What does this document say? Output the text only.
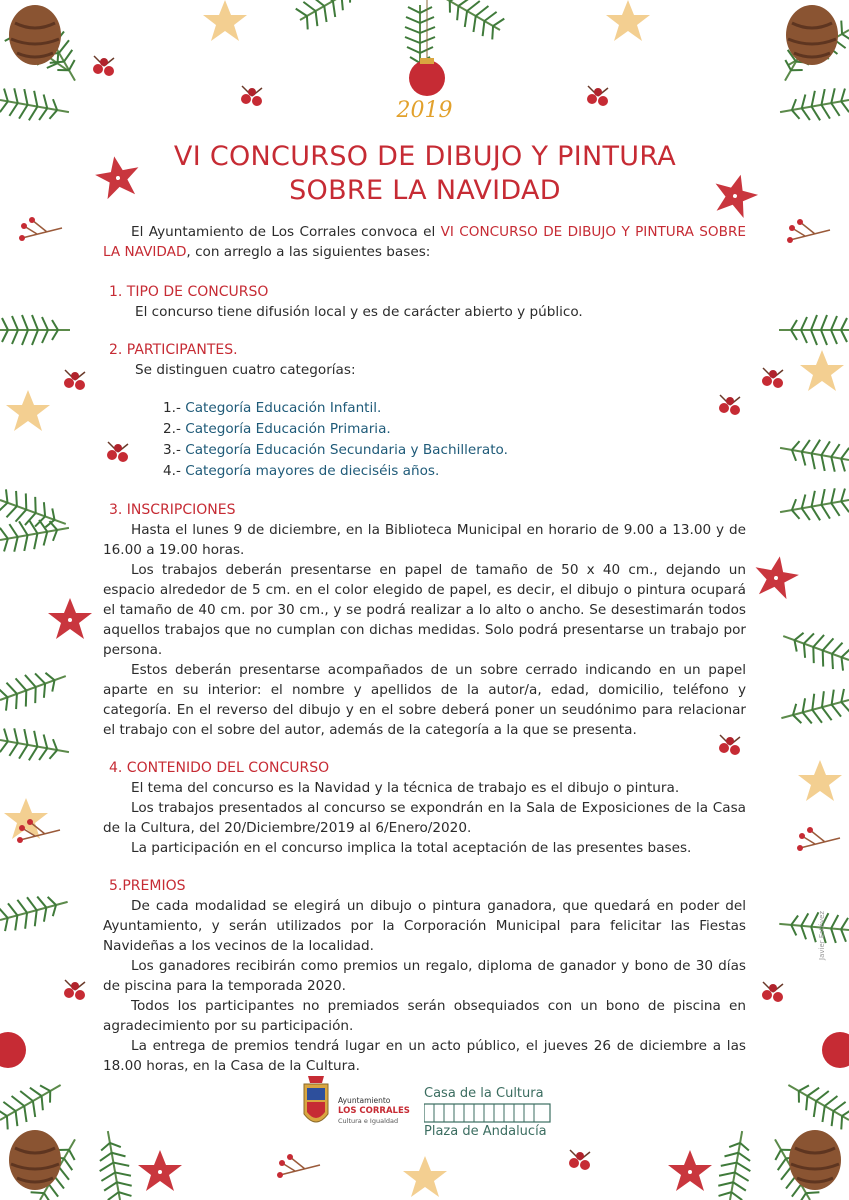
2019
VI CONCURSO DE DIBUJO Y PINTURA
SOBRE LA NAVIDAD

El Ayuntamiento de Los Corrales convoca el VI CONCURSO DE DIBUJO Y PINTURA SOBRE LA NAVIDAD, con arreglo a las siguientes bases:

1. TIPO DE CONCURSO

El concurso tiene difusión local y es de carácter abierto y público.

2. PARTICIPANTES.

Se distinguen cuatro categorías:

1.- Categoría Educación Infantil.
2.- Categoría Educación Primaria.
3.- Categoría Educación Secundaria y Bachillerato.
4.- Categoría mayores de dieciséis años.
3. INSCRIPCIONES

Hasta el lunes 9 de diciembre, en la Biblioteca Municipal en horario de 9.00 a 13.00 y de 16.00 a 19.00 horas.

Los trabajos deberán presentarse en papel de tamaño de 50 x 40 cm., dejando un espacio alrededor de 5 cm. en el color elegido de papel, es decir, el dibujo o pintura ocupará el tamaño de 40 cm. por 30 cm., y se podrá realizar a lo alto o ancho. Se desestimarán todos aquellos trabajos que no cumplan con dichas medidas. Solo podrá presentarse un trabajo por persona.

Estos deberán presentarse acompañados de un sobre cerrado indicando en un papel aparte en su interior: el nombre y apellidos de la autor/a, edad, domicilio, teléfono y categoría. En el reverso del dibujo y en el sobre deberá poner un seudónimo para relacionar el trabajo con el sobre del autor, además de la categoría a la que se presenta.

4. CONTENIDO DEL CONCURSO

El tema del concurso es la Navidad y la técnica de trabajo es el dibujo o pintura.

Los trabajos presentados al concurso se expondrán en la Sala de Exposiciones de la Casa de la Cultura, del 20/Diciembre/2019 al 6/Enero/2020.

La participación en el concurso implica la total aceptación de las presentes bases.

5.PREMIOS

De cada modalidad se elegirá un dibujo o pintura ganadora, que quedará en poder del Ayuntamiento, y serán utilizados por la Corporación Municipal para felicitar las Fiestas Navideñas a los vecinos de la localidad.

Los ganadores recibirán como premios un regalo, diploma de ganador y bono de 30 días de piscina para la temporada 2020.

Todos los participantes no premiados serán obsequiados con un bono de piscina en agradecimiento por su participación.

La entrega de premios tendrá lugar en un acto público, el jueves 26 de diciembre a las 18.00 horas, en la Casa de la Cultura.

Ayuntamiento
LOS CORRALES
Cultura e Igualdad
Casa de la Cultura
Plaza de Andalucía
Javier Estévez
